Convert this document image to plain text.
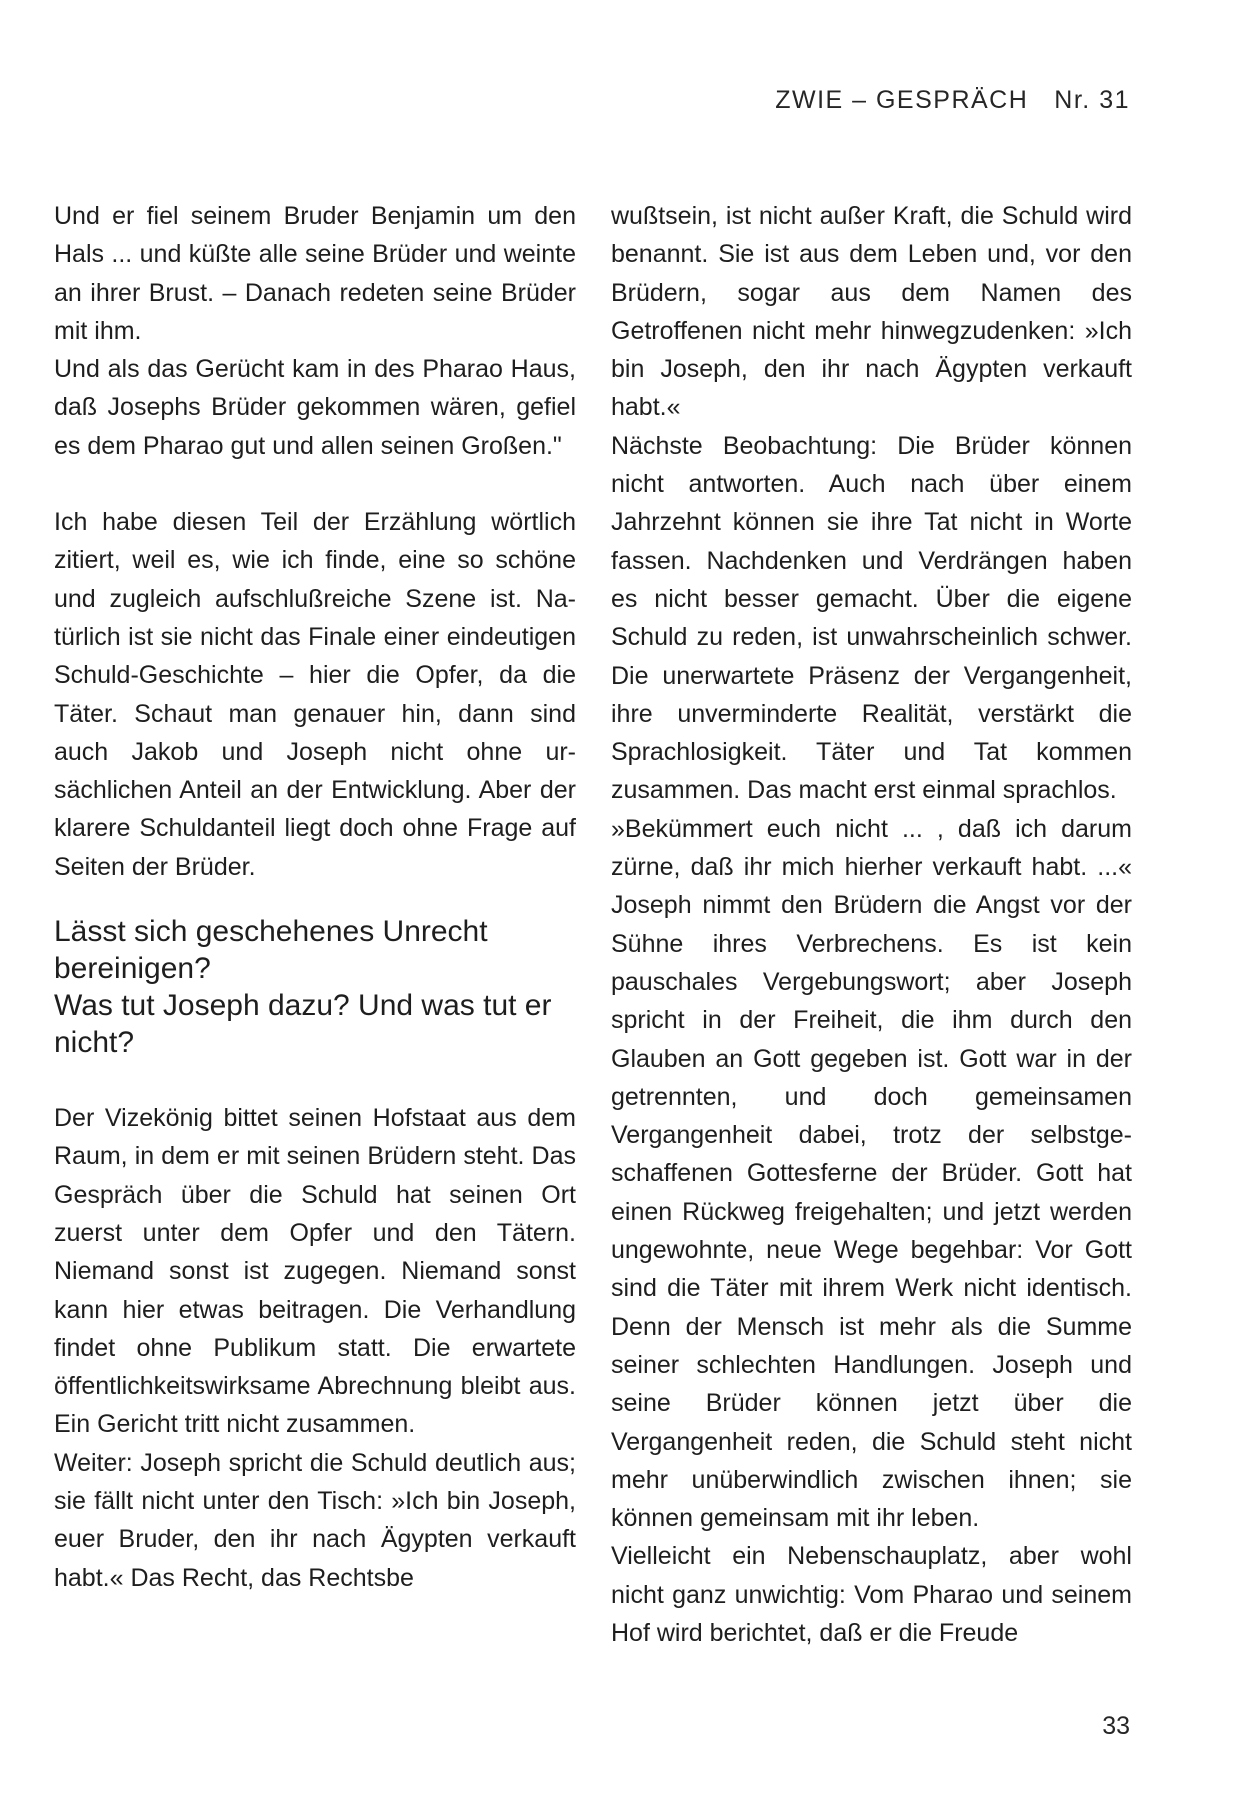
ZWIE – GESPRÄCH Nr. 31

Und er fiel seinem Bruder Benjamin um den Hals ... und küßte alle seine Brüder und weinte an ihrer Brust. – Danach redeten seine Brüder mit ihm.

Und als das Gerücht kam in des Pharao Haus, daß Josephs Brüder gekommen wären, gefiel es dem Pharao gut und allen seinen Großen."

Ich habe diesen Teil der Erzählung wörtlich zitiert, weil es, wie ich finde, eine so schöne und zugleich aufschlußreiche Szene ist. Natürlich ist sie nicht das Finale einer eindeutigen Schuld-Geschichte – hier die Opfer, da die Täter. Schaut man genauer hin, dann sind auch Jakob und Joseph nicht ohne ursächlichen Anteil an der Entwicklung. Aber der klarere Schuldanteil liegt doch ohne Frage auf Seiten der Brüder.

Lässt sich geschehenes Unrecht bereinigen?
Was tut Joseph dazu? Und was tut er nicht?

Der Vizekönig bittet seinen Hofstaat aus dem Raum, in dem er mit seinen Brüdern steht. Das Gespräch über die Schuld hat seinen Ort zuerst unter dem Opfer und den Tätern. Niemand sonst ist zugegen. Niemand sonst kann hier etwas beitragen. Die Verhandlung findet ohne Publikum statt. Die erwartete öffentlichkeitswirksame Abrechnung bleibt aus. Ein Gericht tritt nicht zusammen.

Weiter: Joseph spricht die Schuld deutlich aus; sie fällt nicht unter den Tisch: »Ich bin Joseph, euer Bruder, den ihr nach Ägypten verkauft habt.« Das Recht, das Rechtsbe

wußtsein, ist nicht außer Kraft, die Schuld wird benannt. Sie ist aus dem Leben und, vor den Brüdern, sogar aus dem Namen des Getroffenen nicht mehr hinwegzudenken: »Ich bin Joseph, den ihr nach Ägypten verkauft habt.«

Nächste Beobachtung: Die Brüder können nicht antworten. Auch nach über einem Jahrzehnt können sie ihre Tat nicht in Worte fassen. Nachdenken und Verdrängen haben es nicht besser gemacht. Über die eigene Schuld zu reden, ist unwahrscheinlich schwer. Die unerwartete Präsenz der Vergangenheit, ihre unverminderte Realität, verstärkt die Sprachlosigkeit. Täter und Tat kommen zusammen. Das macht erst einmal sprachlos.

»Bekümmert euch nicht ... , daß ich darum zürne, daß ihr mich hierher verkauft habt. ...« Joseph nimmt den Brüdern die Angst vor der Sühne ihres Verbrechens. Es ist kein pauschales Vergebungswort; aber Joseph spricht in der Freiheit, die ihm durch den Glauben an Gott gegeben ist. Gott war in der getrennten, und doch gemeinsamen Vergangenheit dabei, trotz der selbstgeschaffenen Gottesferne der Brüder. Gott hat einen Rückweg freigehalten; und jetzt werden ungewohnte, neue Wege begehbar: Vor Gott sind die Täter mit ihrem Werk nicht identisch. Denn der Mensch ist mehr als die Summe seiner schlechten Handlungen. Joseph und seine Brüder können jetzt über die Vergangenheit reden, die Schuld steht nicht mehr unüberwindlich zwischen ihnen; sie können gemeinsam mit ihr leben.

Vielleicht ein Nebenschauplatz, aber wohl nicht ganz unwichtig: Vom Pharao und seinem Hof wird berichtet, daß er die Freude

33
